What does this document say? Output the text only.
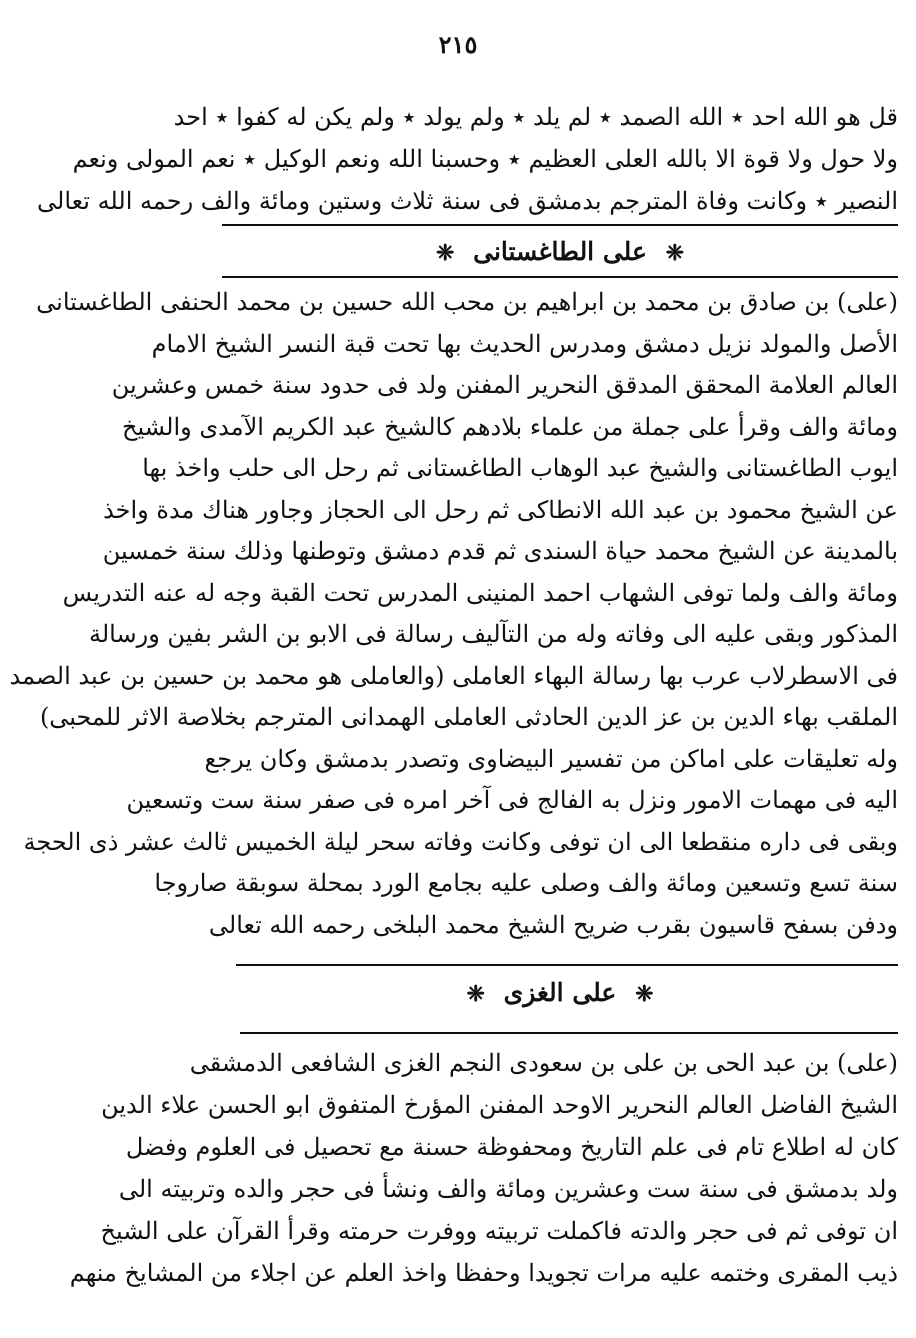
٢١٥

قل هو الله احد ٭ الله الصمد ٭ لم يلد ٭ ولم يولد ٭ ولم يكن له كفوا ٭ احد

ولا حول ولا قوة الا بالله العلى العظيم ٭ وحسبنا الله ونعم الوكيل ٭ نعم المولى ونعم

النصير ٭ وكانت وفاة المترجم بدمشق فى سنة ثلاث وستين ومائة والف رحمه الله تعالى

❈ على الطاغستانى ❈

(على) بن صادق بن محمد بن ابراهيم بن محب الله حسين بن محمد الحنفى الطاغستانى

الأصل والمولد نزيل دمشق ومدرس الحديث بها تحت قبة النسر الشيخ الامام

العالم العلامة المحقق المدقق النحرير المفنن ولد فى حدود سنة خمس وعشرين

ومائة والف وقرأ على جملة من علماء بلادهم كالشيخ عبد الكريم الآمدى والشيخ

ايوب الطاغستانى والشيخ عبد الوهاب الطاغستانى ثم رحل الى حلب واخذ بها

عن الشيخ محمود بن عبد الله الانطاكى ثم رحل الى الحجاز وجاور هناك مدة واخذ

بالمدينة عن الشيخ محمد حياة السندى ثم قدم دمشق وتوطنها وذلك سنة خمسين

ومائة والف ولما توفى الشهاب احمد المنينى المدرس تحت القبة وجه له عنه التدريس

المذكور وبقى عليه الى وفاته وله من التآليف رسالة فى الابو بن الشر بفين ورسالة

فى الاسطرلاب عرب بها رسالة البهاء العاملى (والعاملى هو محمد بن حسين بن عبد الصمد

الملقب بهاء الدين بن عز الدين الحادثى العاملى الهمدانى المترجم بخلاصة الاثر للمحبى)

وله تعليقات على اماكن من تفسير البيضاوى وتصدر بدمشق وكان يرجع

اليه فى مهمات الامور ونزل به الفالج فى آخر امره فى صفر سنة ست وتسعين

وبقى فى داره منقطعا الى ان توفى وكانت وفاته سحر ليلة الخميس ثالث عشر ذى الحجة

سنة تسع وتسعين ومائة والف وصلى عليه بجامع الورد بمحلة سوبقة صاروجا

ودفن بسفح قاسيون بقرب ضريح الشيخ محمد البلخى رحمه الله تعالى

❈ على الغزى ❈

(على) بن عبد الحى بن على بن سعودى النجم الغزى الشافعى الدمشقى

الشيخ الفاضل العالم النحرير الاوحد المفنن المؤرخ المتفوق ابو الحسن علاء الدين

كان له اطلاع تام فى علم التاريخ ومحفوظة حسنة مع تحصيل فى العلوم وفضل

ولد بدمشق فى سنة ست وعشرين ومائة والف ونشأ فى حجر والده وتربيته الى

ان توفى ثم فى حجر والدته فاكملت تربيته ووفرت حرمته وقرأ القرآن على الشيخ

ذيب المقرى وختمه عليه مرات تجويدا وحفظا واخذ العلم عن اجلاء من المشايخ منهم
